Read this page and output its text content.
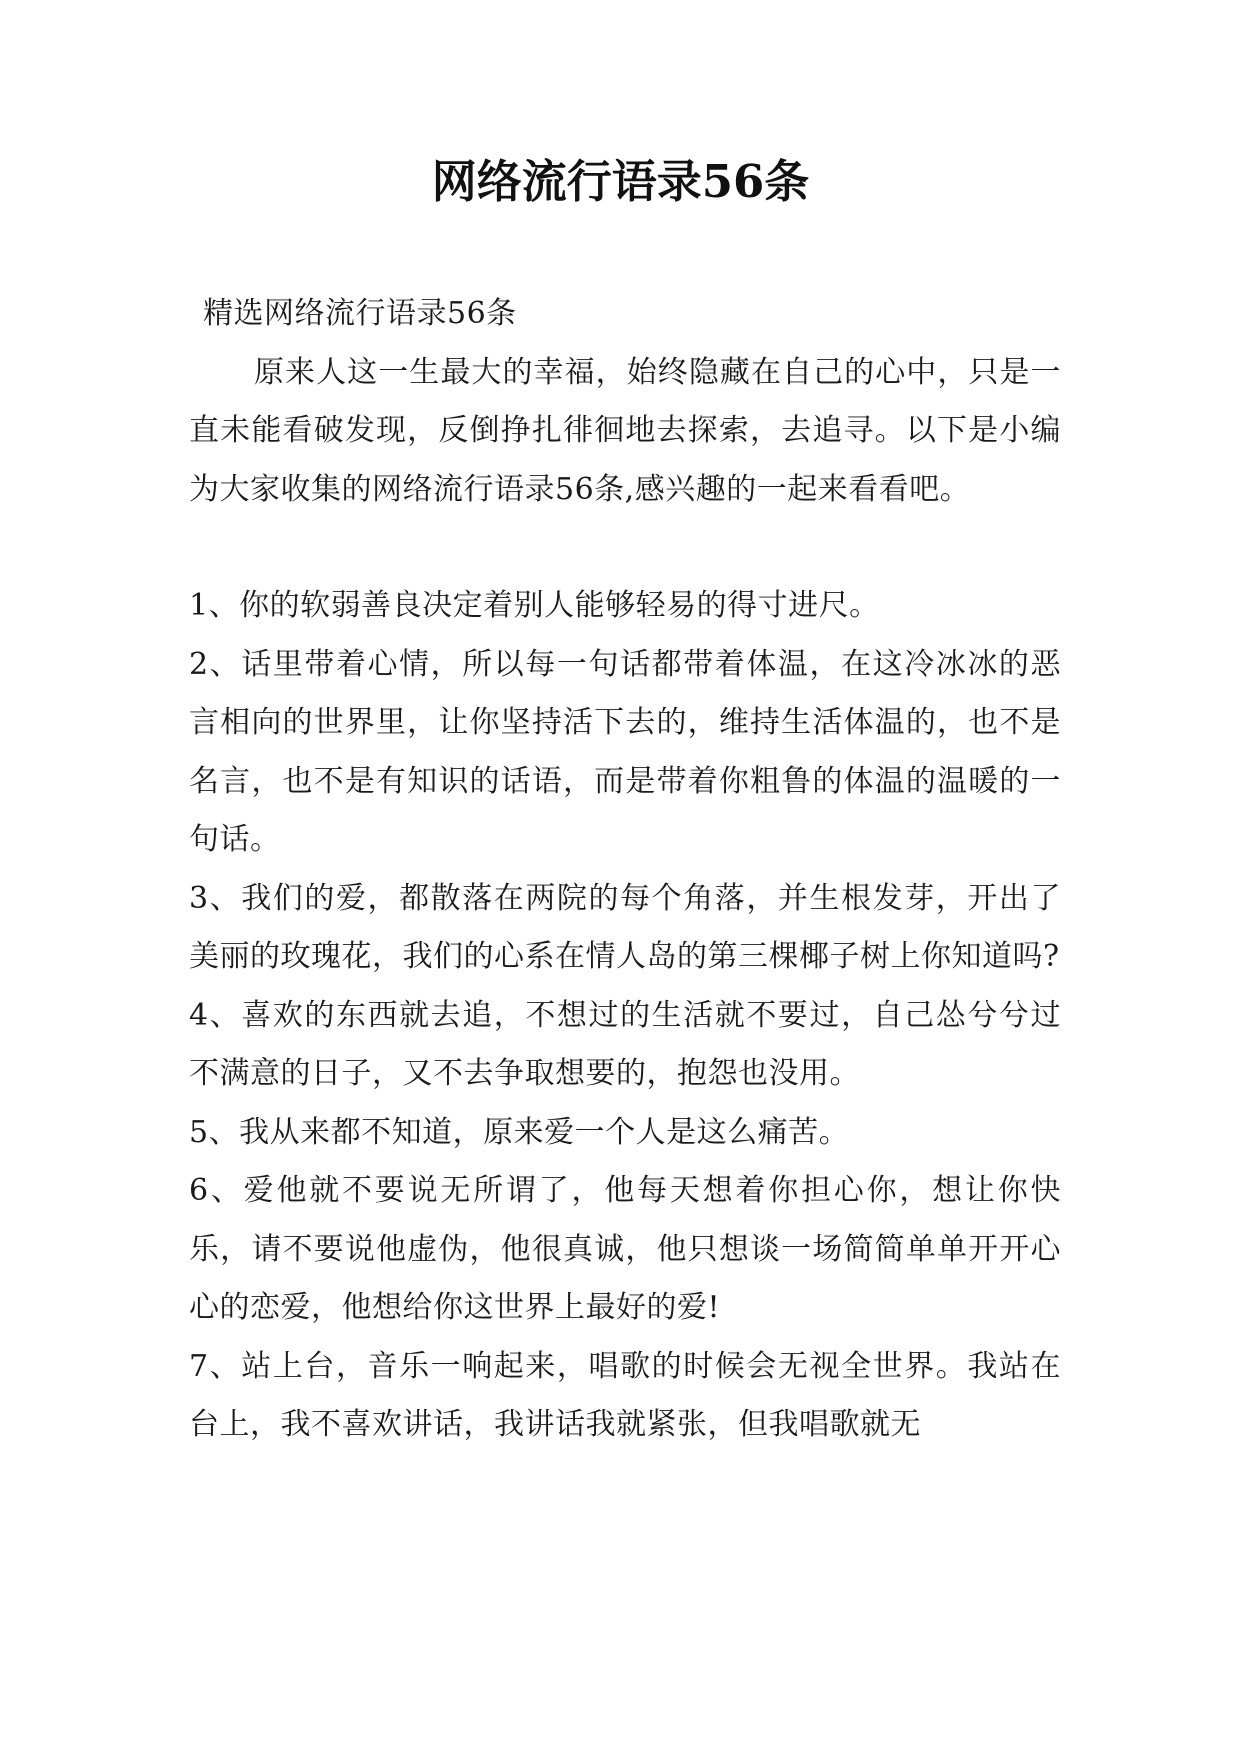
网络流行语录56条

精选网络流行语录56条

原来人这一生最大的幸福，始终隐藏在自己的心中，只是一直未能看破发现，反倒挣扎徘徊地去探索，去追寻。以下是小编为大家收集的网络流行语录56条,感兴趣的一起来看看吧。

1、你的软弱善良决定着别人能够轻易的得寸进尺。

2、话里带着心情，所以每一句话都带着体温，在这冷冰冰的恶言相向的世界里，让你坚持活下去的，维持生活体温的，也不是名言，也不是有知识的话语，而是带着你粗鲁的体温的温暖的一句话。

3、我们的爱，都散落在两院的每个角落，并生根发芽，开出了美丽的玫瑰花，我们的心系在情人岛的第三棵椰子树上你知道吗?

4、喜欢的东西就去追，不想过的生活就不要过，自己怂兮兮过不满意的日子，又不去争取想要的，抱怨也没用。

5、我从来都不知道，原来爱一个人是这么痛苦。

6、爱他就不要说无所谓了，他每天想着你担心你，想让你快乐，请不要说他虚伪，他很真诚，他只想谈一场简简单单开开心心的恋爱，他想给你这世界上最好的爱!

7、站上台，音乐一响起来，唱歌的时候会无视全世界。我站在台上，我不喜欢讲话，我讲话我就紧张，但我唱歌就无
